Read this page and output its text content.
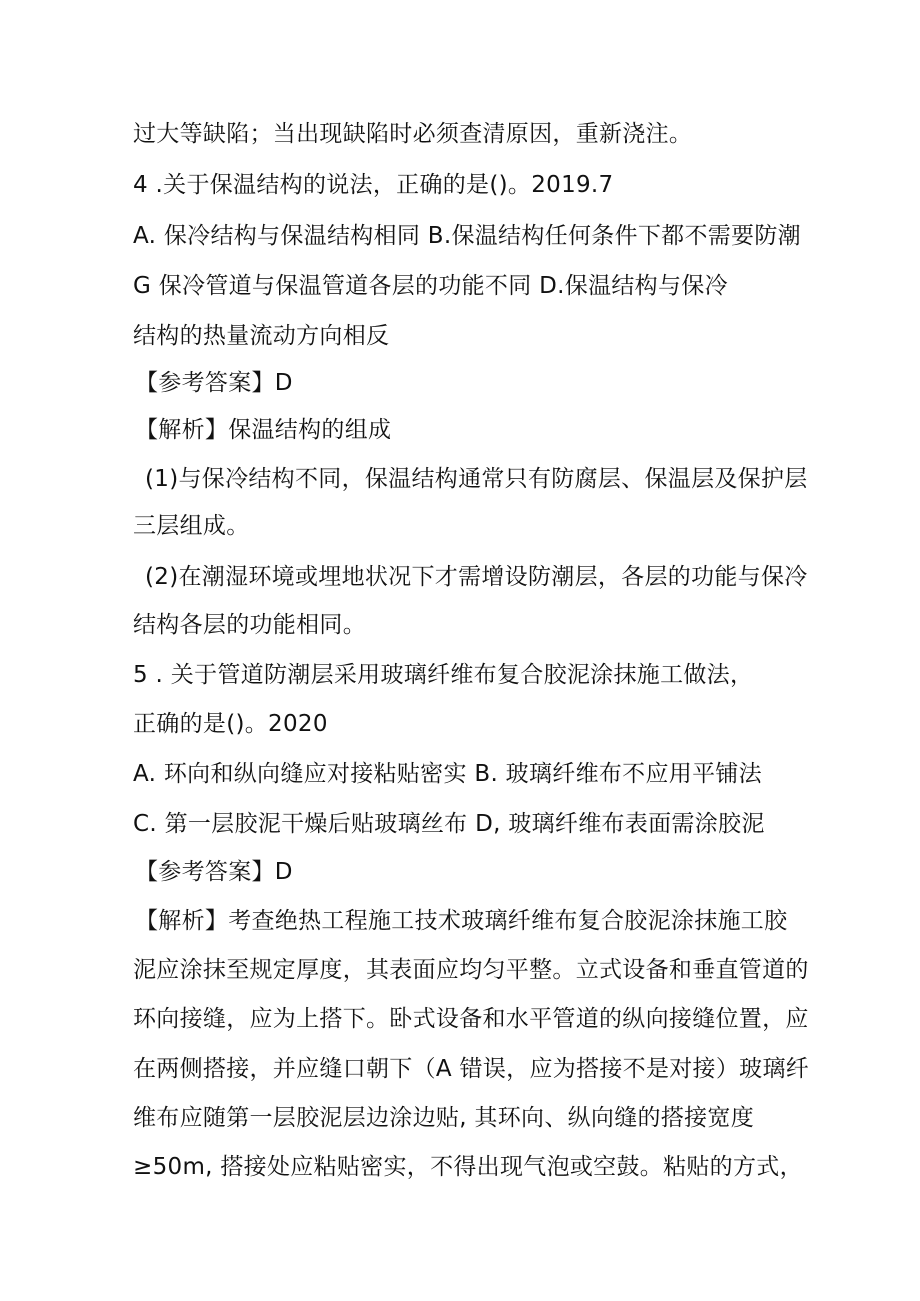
过大等缺陷；当出现缺陷时必须查清原因，重新浇注。
4 .关于保温结构的说法，正确的是()。2019.7
A. 保冷结构与保温结构相同 B.保温结构任何条件下都不需要防潮
G 保冷管道与保温管道各层的功能不同 D.保温结构与保冷
结构的热量流动方向相反
【参考答案】D
【解析】保温结构的组成
(1)与保冷结构不同，保温结构通常只有防腐层、保温层及保护层
三层组成。
(2)在潮湿环境或埋地状况下才需增设防潮层，各层的功能与保冷
结构各层的功能相同。
5 . 关于管道防潮层采用玻璃纤维布复合胶泥涂抹施工做法，
正确的是()。2020
A. 环向和纵向缝应对接粘贴密实 B. 玻璃纤维布不应用平铺法
C. 第一层胶泥干燥后贴玻璃丝布 D, 玻璃纤维布表面需涂胶泥
【参考答案】D
【解析】考查绝热工程施工技术玻璃纤维布复合胶泥涂抹施工胶
泥应涂抹至规定厚度，其表面应均匀平整。立式设备和垂直管道的
环向接缝，应为上搭下。卧式设备和水平管道的纵向接缝位置，应
在两侧搭接，并应缝口朝下（A 错误，应为搭接不是对接）玻璃纤
维布应随第一层胶泥层边涂边贴, 其环向、纵向缝的搭接宽度
≥50m, 搭接处应粘贴密实，不得出现气泡或空鼓。粘贴的方式，
